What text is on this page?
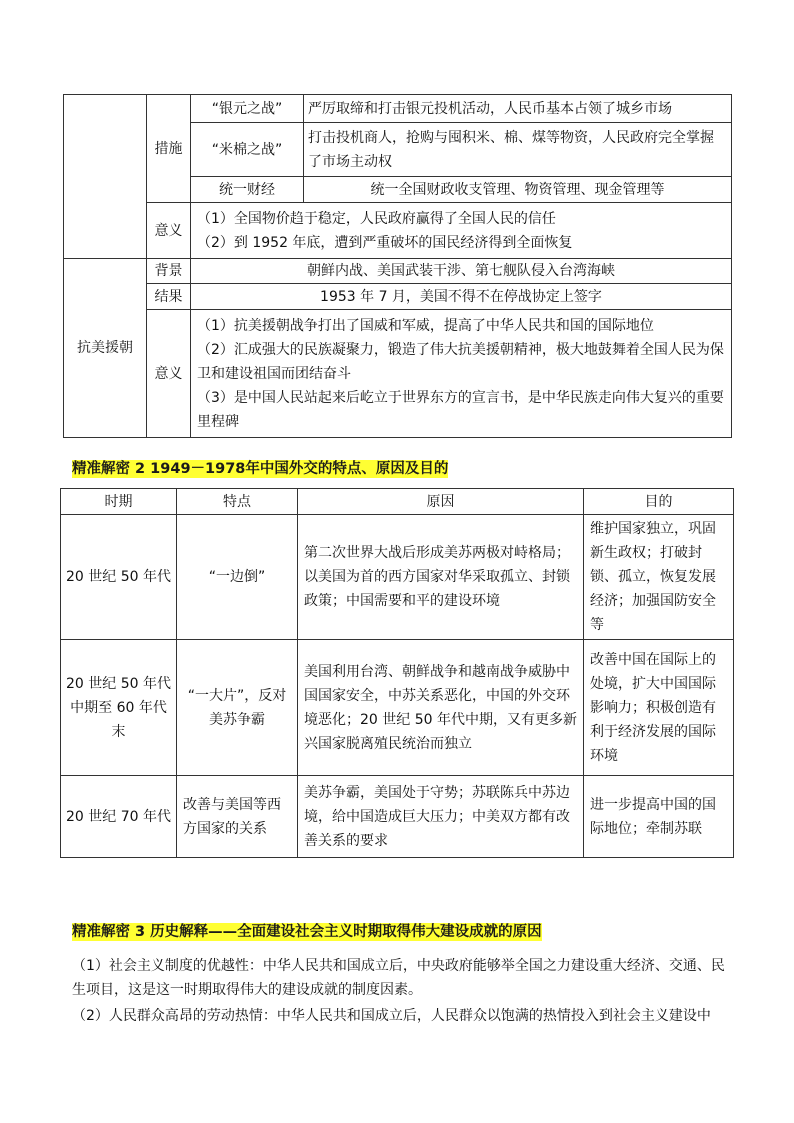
	措施	“银元之战”	严厉取缔和打击银元投机活动，人民币基本占领了城乡市场
		“米棉之战”	打击投机商人，抢购与囤积米、棉、煤等物资，人民政府完全掌握了市场主动权
		统一财经	统一全国财政收支管理、物资管理、现金管理等
	意义	（1）全国物价趋于稳定，人民政府赢得了全国人民的信任
（2）到 1952 年底，遭到严重破坏的国民经济得到全面恢复	

抗美援朝	背景	朝鲜内战、美国武装干涉、第七舰队侵入台湾海峡	
	结果	1953 年 7 月，美国不得不在停战协定上签字	
	意义	（1）抗美援朝战争打出了国威和军威，提高了中华人民共和国的国际地位
（2）汇成强大的民族凝聚力，锻造了伟大抗美援朝精神，极大地鼓舞着全国人民为保卫和建设祖国而团结奋斗
（3）是中国人民站起来后屹立于世界东方的宣言书，是中华民族走向伟大复兴的重要里程碑	
精准解密 2 1949－1978年中国外交的特点、原因及目的
时期	特点	原因	目的
20 世纪 50 年代	“一边倒”	第二次世界大战后形成美苏两极对峙格局；以美国为首的西方国家对华采取孤立、封锁政策；中国需要和平的建设环境	维护国家独立，巩固新生政权；打破封锁、孤立，恢复发展经济；加强国防安全等
20 世纪 50 年代中期至 60 年代末	“一大片”，反对美苏争霸	美国利用台湾、朝鲜战争和越南战争威胁中国国家安全，中苏关系恶化，中国的外交环境恶化；20 世纪 50 年代中期，又有更多新兴国家脱离殖民统治而独立	改善中国在国际上的处境，扩大中国国际影响力；积极创造有利于经济发展的国际环境
20 世纪 70 年代	改善与美国等西方国家的关系	美苏争霸，美国处于守势；苏联陈兵中苏边境，给中国造成巨大压力；中美双方都有改善关系的要求	进一步提高中国的国际地位；牵制苏联
精准解密 3 历史解释——全面建设社会主义时期取得伟大建设成就的原因

（1）社会主义制度的优越性：中华人民共和国成立后，中央政府能够举全国之力建设重大经济、交通、民生项目，这是这一时期取得伟大的建设成就的制度因素。

（2）人民群众高昂的劳动热情：中华人民共和国成立后，人民群众以饱满的热情投入到社会主义建设中
